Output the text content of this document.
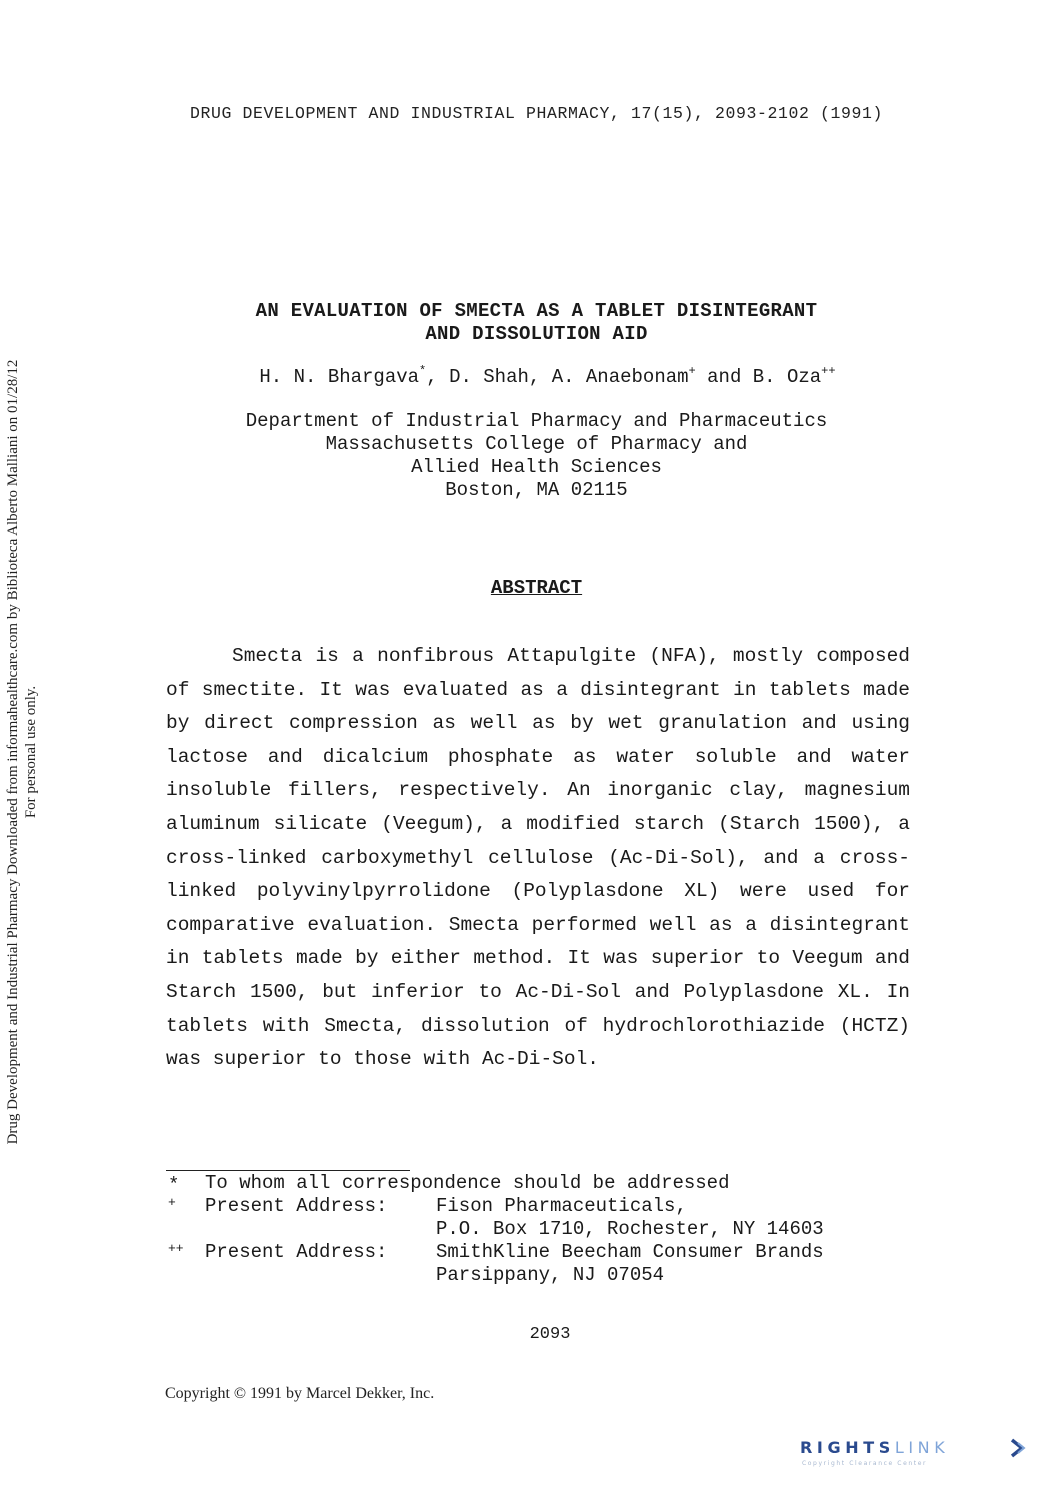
DRUG DEVELOPMENT AND INDUSTRIAL PHARMACY, 17(15), 2093-2102 (1991)
Drug Development and Industrial Pharmacy Downloaded from informahealthcare.com by Biblioteca Alberto Malliani on 01/28/12 For personal use only.
AN EVALUATION OF SMECTA AS A TABLET DISINTEGRANT
AND DISSOLUTION AID
H. N. Bhargava*, D. Shah, A. Anaebonam+ and B. Oza++
Department of Industrial Pharmacy and Pharmaceutics
Massachusetts College of Pharmacy and
Allied Health Sciences
Boston, MA 02115
ABSTRACT

Smecta is a nonfibrous Attapulgite (NFA), mostly composed of smectite. It was evaluated as a disintegrant in tablets made by direct compression as well as by wet granulation and using lactose and dicalcium phosphate as water soluble and water insoluble fillers, respectively. An inorganic clay, magnesium aluminum silicate (Veegum), a modified starch (Starch 1500), a cross-linked carboxymethyl cellulose (Ac-Di-Sol), and a cross-linked polyvinylpyrrolidone (Polyplasdone XL) were used for comparative evaluation. Smecta performed well as a disintegrant in tablets made by either method. It was superior to Veegum and Starch 1500, but inferior to Ac-Di-Sol and Polyplasdone XL. In tablets with Smecta, dissolution of hydrochlorothiazide (HCTZ) was superior to those with Ac-Di-Sol.

* To whom all correspondence should be addressed
+ Present Address:	Fison Pharmaceuticals,
P.O. Box 1710, Rochester, NY 14603
++ Present Address:	SmithKline Beecham Consumer Brands
Parsippany, NJ 07054
2093
Copyright © 1991 by Marcel Dekker, Inc.
RIGHTSLINK
Copyright Clearance Center
